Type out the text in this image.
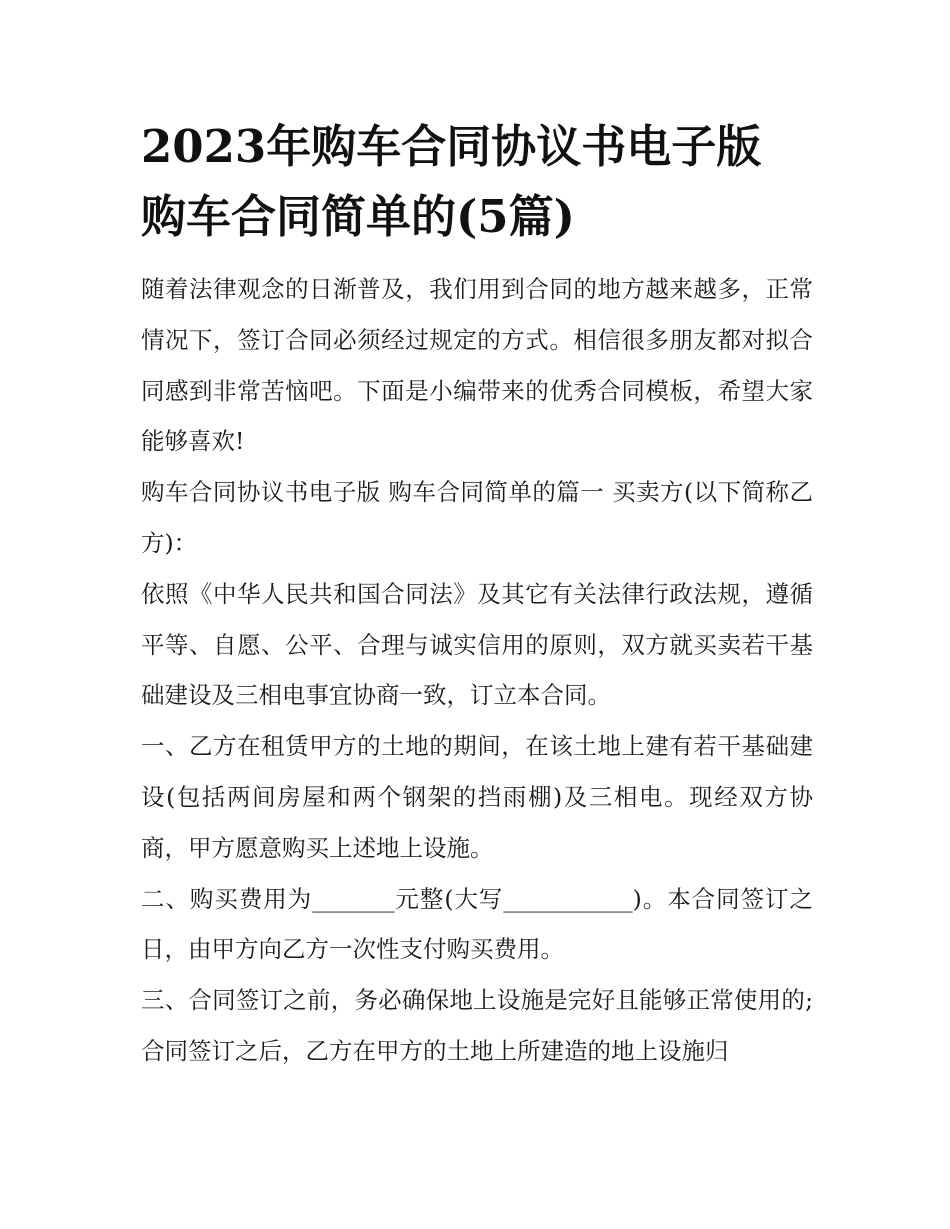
2023年购车合同协议书电子版
购车合同简单的(5篇)

随着法律观念的日渐普及，我们用到合同的地方越来越多，正常情况下，签订合同必须经过规定的方式。相信很多朋友都对拟合同感到非常苦恼吧。下面是小编带来的优秀合同模板，希望大家能够喜欢!

购车合同协议书电子版 购车合同简单的篇一 买卖方(以下简称乙方)：

依照《中华人民共和国合同法》及其它有关法律行政法规，遵循平等、自愿、公平、合理与诚实信用的原则，双方就买卖若干基础建设及三相电事宜协商一致，订立本合同。

一、乙方在租赁甲方的土地的期间，在该土地上建有若干基础建设(包括两间房屋和两个钢架的挡雨棚)及三相电。现经双方协商，甲方愿意购买上述地上设施。

二、购买费用为_______元整(大写___________)。本合同签订之日，由甲方向乙方一次性支付购买费用。

三、合同签订之前，务必确保地上设施是完好且能够正常使用的;合同签订之后，乙方在甲方的土地上所建造的地上设施归
